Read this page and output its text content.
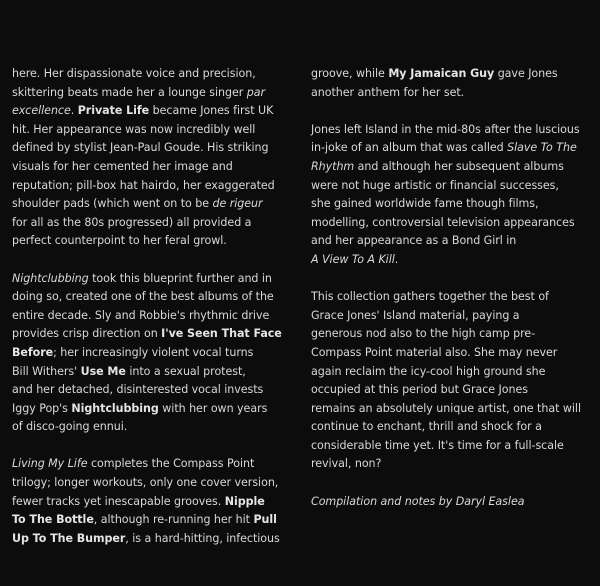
here. Her dispassionate voice and precision,
skittering beats made her a lounge singer par
excellence. Private Life became Jones first UK
hit. Her appearance was now incredibly well
defined by stylist Jean-Paul Goude. His striking
visuals for her cemented her image and
reputation; pill-box hat hairdo, her exaggerated
shoulder pads (which went on to be de rigeur
for all as the 80s progressed) all provided a
perfect counterpoint to her feral growl.
Nightclubbing took this blueprint further and in
doing so, created one of the best albums of the
entire decade. Sly and Robbie's rhythmic drive
provides crisp direction on I've Seen That Face
Before; her increasingly violent vocal turns
Bill Withers' Use Me into a sexual protest,
and her detached, disinterested vocal invests
Iggy Pop's Nightclubbing with her own years
of disco-going ennui.
Living My Life completes the Compass Point
trilogy; longer workouts, only one cover version,
fewer tracks yet inescapable grooves. Nipple
To The Bottle, although re-running her hit Pull
Up To The Bumper, is a hard-hitting, infectious
groove, while My Jamaican Guy gave Jones
another anthem for her set.
Jones left Island in the mid-80s after the luscious
in-joke of an album that was called Slave To The
Rhythm and although her subsequent albums
were not huge artistic or financial successes,
she gained worldwide fame though films,
modelling, controversial television appearances
and her appearance as a Bond Girl in
A View To A Kill.
This collection gathers together the best of
Grace Jones' Island material, paying a
generous nod also to the high camp pre-
Compass Point material also. She may never
again reclaim the icy-cool high ground she
occupied at this period but Grace Jones
remains an absolutely unique artist, one that will
continue to enchant, thrill and shock for a
considerable time yet. It's time for a full-scale
revival, non?
Compilation and notes by Daryl Easlea
